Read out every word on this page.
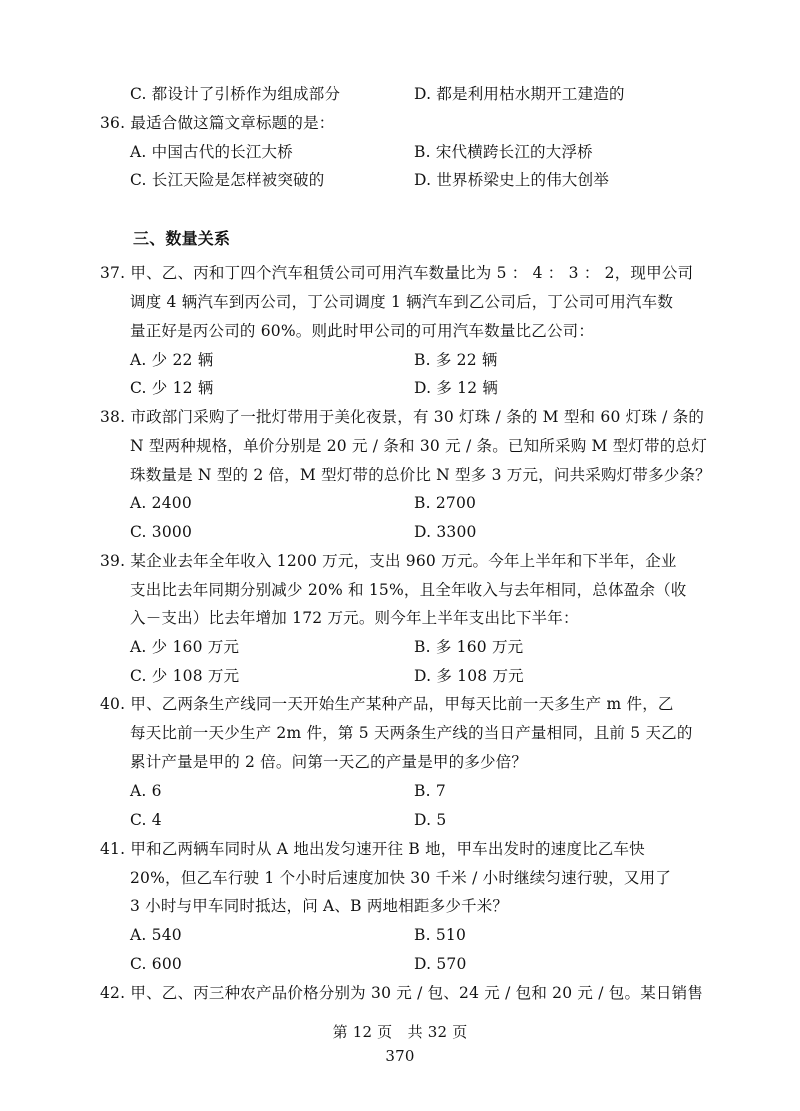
C. 都设计了引桥作为组成部分	D. 都是利用枯水期开工建造的
36. 最适合做这篇文章标题的是：
A. 中国古代的长江大桥	B. 宋代横跨长江的大浮桥
C. 长江天险是怎样被突破的	D. 世界桥梁史上的伟大创举
三、数量关系
37. 甲、乙、丙和丁四个汽车租赁公司可用汽车数量比为 5 ： 4 ： 3 ： 2，现甲公司
调度 4 辆汽车到丙公司，丁公司调度 1 辆汽车到乙公司后，丁公司可用汽车数
量正好是丙公司的 60%。则此时甲公司的可用汽车数量比乙公司：
A. 少 22 辆	B. 多 22 辆
C. 少 12 辆	D. 多 12 辆
38. 市政部门采购了一批灯带用于美化夜景，有 30 灯珠 / 条的 M 型和 60 灯珠 / 条的
N 型两种规格，单价分别是 20 元 / 条和 30 元 / 条。已知所采购 M 型灯带的总灯
珠数量是 N 型的 2 倍，M 型灯带的总价比 N 型多 3 万元，问共采购灯带多少条？
A. 2400	B. 2700
C. 3000	D. 3300
39. 某企业去年全年收入 1200 万元，支出 960 万元。今年上半年和下半年，企业
支出比去年同期分别减少 20% 和 15%，且全年收入与去年相同，总体盈余（收
入－支出）比去年增加 172 万元。则今年上半年支出比下半年：
A. 少 160 万元	B. 多 160 万元
C. 少 108 万元	D. 多 108 万元
40. 甲、乙两条生产线同一天开始生产某种产品，甲每天比前一天多生产 m 件，乙
每天比前一天少生产 2m 件，第 5 天两条生产线的当日产量相同，且前 5 天乙的
累计产量是甲的 2 倍。问第一天乙的产量是甲的多少倍？
A. 6	B. 7
C. 4	D. 5
41. 甲和乙两辆车同时从 A 地出发匀速开往 B 地，甲车出发时的速度比乙车快
20%，但乙车行驶 1 个小时后速度加快 30 千米 / 小时继续匀速行驶，又用了
3 小时与甲车同时抵达，问 A、B 两地相距多少千米？
A. 540	B. 510
C. 600	D. 570
42. 甲、乙、丙三种农产品价格分别为 30 元 / 包、24 元 / 包和 20 元 / 包。某日销售
第 12 页　共 32 页
370
